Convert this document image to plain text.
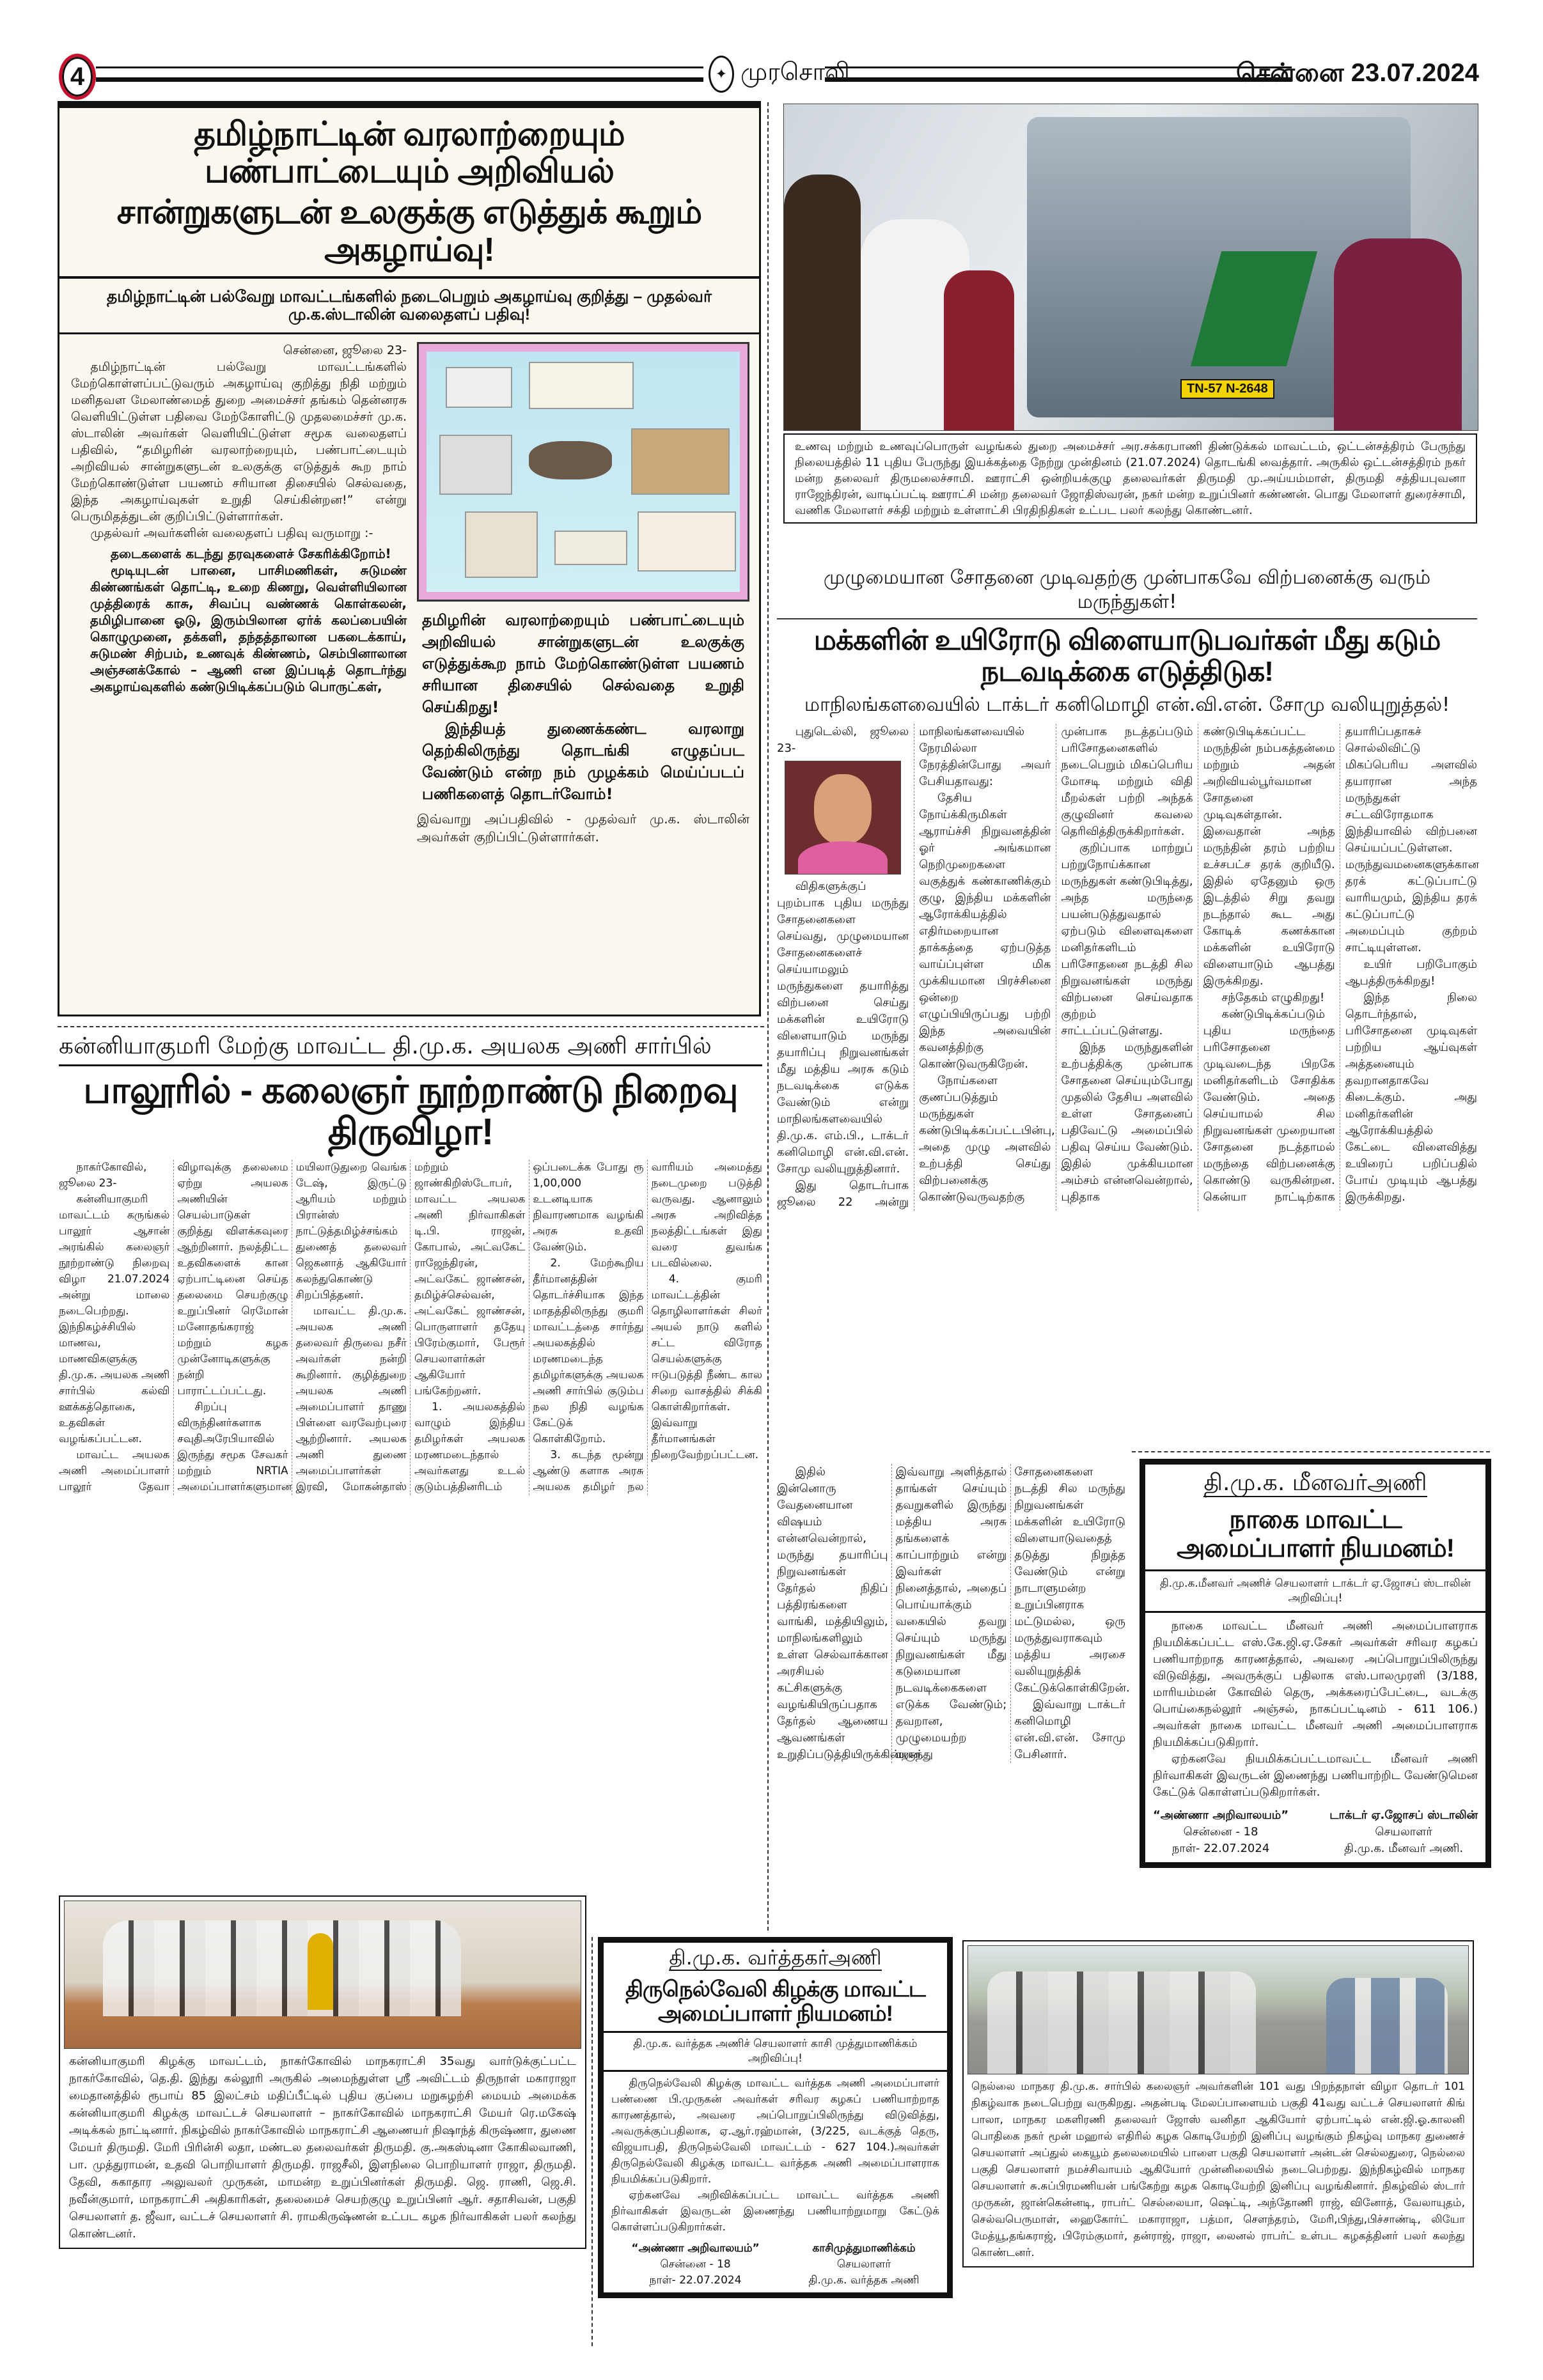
4	✦ முரசொலி	சென்னை 23.07.2024
தமிழ்நாட்டின் வரலாற்றையும் பண்பாட்டையும் அறிவியல்
சான்றுகளுடன் உலகுக்கு எடுத்துக் கூறும் அகழாய்வு!
தமிழ்நாட்டின் பல்வேறு மாவட்டங்களில் நடைபெறும் அகழாய்வு குறித்து – முதல்வர் மு.க.ஸ்டாலின் வலைதளப் பதிவு!
சென்னை, ஜூலை 23-

தமிழ்நாட்டின் பல்வேறு மாவட்டங்களில் மேற்கொள்ளப்பட்டுவரும் அகழாய்வு குறித்து நிதி மற்றும் மனிதவள மேலாண்மைத் துறை அமைச்சர் தங்கம் தென்னரசு வெளியிட்டுள்ள பதிவை மேற்கோளிட்டு முதலமைச்சர் மு.க. ஸ்டாலின் அவர்கள் வெளியிட்டுள்ள சமூக வலைதளப் பதிவில், “தமிழரின் வரலாற்றையும், பண்பாட்டையும் அறிவியல் சான்றுகளுடன் உலகுக்கு எடுத்துக் கூற நாம் மேற்கொண்டுள்ள பயணம் சரியான திசையில் செல்வதை, இந்த அகழாய்வுகள் உறுதி செய்கின்றன!” என்று பெருமிதத்துடன் குறிப்பிட்டுள்ளார்கள்.

முதல்வர் அவர்களின் வலைதளப் பதிவு வருமாறு :-

தடைகளைக் கடந்து தரவுகளைச் சேகரிக்கிறோம்!

மூடியுடன் பானை, பாசிமணிகள், சுடுமண் கிண்ணங்கள் தொட்டி, உறை கிணறு, வெள்ளியிலான முத்திரைக் காசு, சிவப்பு வண்ணக் கொள்கலன், தமிழிபானை ஓடு, இரும்பிலான ஏர்க் கலப்பையின் கொழுமுனை, தக்களி, தந்தத்தாலான பகடைக்காய், சுடுமண் சிற்பம், உணவுக் கிண்ணம், செம்பினாலான அஞ்சனக்கோல் – ஆணி என இப்படித் தொடர்ந்து அகழாய்வுகளில் கண்டுபிடிக்கப்படும் பொருட்கள்,

தமிழரின் வரலாற்றையும் பண்பாட்டையும் அறிவியல் சான்றுகளுடன் உலகுக்கு எடுத்துக்கூற நாம் மேற்கொண்டுள்ள பயணம் சரியான திசையில் செல்வதை உறுதி செய்கிறது!

இந்தியத் துணைக்கண்ட வரலாறு தெற்கிலிருந்து தொடங்கி எழுதப்பட வேண்டும் என்ற நம் முழக்கம் மெய்ப்படப் பணிகளைத் தொடர்வோம்!

இவ்வாறு அப்பதிவில் - முதல்வர் மு.க. ஸ்டாலின் அவர்கள் குறிப்பிட்டுள்ளார்கள்.
TN-57 N-2648
உணவு மற்றும் உணவுப்பொருள் வழங்கல் துறை அமைச்சர் அர.சக்கரபாணி திண்டுக்கல் மாவட்டம், ஒட்டன்சத்திரம் பேருந்து நிலையத்தில் 11 புதிய பேருந்து இயக்கத்தை நேற்று முன்தினம் (21.07.2024) தொடங்கி வைத்தார். அருகில் ஒட்டன்சத்திரம் நகர் மன்ற தலைவர் திருமலைச்சாமி. ஊராட்சி ஒன்றியக்குழு தலைவர்கள் திருமதி மு.அய்யம்மாள், திருமதி சத்தியபுவனா ராஜேந்திரன், வாடிப்பட்டி ஊராட்சி மன்ற தலைவர் ஜோதிஸ்வரன், நகர் மன்ற உறுப்பினர் கண்ணன். பொது மேலாளர் துரைச்சாமி, வணிக மேலாளர் சக்தி மற்றும் உள்ளாட்சி பிரதிநிதிகள் உட்பட பலர் கலந்து கொண்டனர்.
முழுமையான சோதனை முடிவதற்கு முன்பாகவே விற்பனைக்கு வரும் மருந்துகள்!
மக்களின் உயிரோடு விளையாடுபவர்கள் மீது கடும் நடவடிக்கை எடுத்திடுக!
மாநிலங்களவையில் டாக்டர் கனிமொழி என்.வி.என். சோமு வலியுறுத்தல்!
புதுடெல்லி, ஜூலை 23-

விதிகளுக்குப் புறம்பாக புதிய மருந்து சோதனைகளை செய்வது, முழுமையான சோதனைகளைச் செய்யாமலும் மருந்துகளை தயாரித்து விற்பனை செய்து மக்களின் உயிரோடு விளையாடும் மருந்து தயாரிப்பு நிறுவனங்கள் மீது மத்திய அரசு கடும் நடவடிக்கை எடுக்க வேண்டும் என்று மாநிலங்களவையில் தி.மு.க. எம்.பி., டாக்டர் கனிமொழி என்.வி.என். சோமு வலியுறுத்தினார்.

இது தொடர்பாக ஜூலை 22 அன்று மாநிலங்களவையில் நேரமில்லா நேரத்தின்போது அவர் பேசியதாவது:

தேசிய நோய்க்கிருமிகள் ஆராய்ச்சி நிறுவனத்தின் ஓர் அங்கமான நெறிமுறைகளை வகுத்துக் கண்காணிக்கும் குழு, இந்திய மக்களின் ஆரோக்கியத்தில் எதிர்மறையான தாக்கத்தை ஏற்படுத்த வாய்ப்புள்ள மிக முக்கியமான பிரச்சினை ஒன்றை எழுப்பியிருப்பது பற்றி இந்த அவையின் கவனத்திற்கு கொண்டுவருகிறேன்.

நோய்களை குணப்படுத்தும் மருந்துகள் கண்டுபிடிக்கப்பட்டபின்பு, அதை முழு அளவில் உற்பத்தி செய்து விற்பனைக்கு கொண்டுவருவதற்கு முன்பாக நடத்தப்படும் பரிசோதனைகளில் நடைபெறும் மிகப்பெரிய மோசடி மற்றும் விதி மீறல்கள் பற்றி அந்தக் குழுவினர் கவலை தெரிவித்திருக்கிறார்கள்.

குறிப்பாக மாற்றுப் பற்றுநோய்க்கான மருந்துகள் கண்டுபிடித்து, அந்த மருந்தை பயன்படுத்துவதால் ஏற்படும் விளைவுகளை மனிதர்களிடம் பரிசோதனை நடத்தி சில நிறுவனங்கள் மருந்து விற்பனை செய்வதாக குற்றம் சாட்டப்பட்டுள்ளது.

இந்த மருந்துகளின் உற்பத்திக்கு முன்பாக சோதனை செய்யும்போது முதலில் தேசிய அளவில் உள்ள சோதனைப் பதிவேட்டு அமைப்பில் பதிவு செய்ய வேண்டும். இதில் முக்கியமான அம்சம் என்னவென்றால், புதிதாக கண்டுபிடிக்கப்பட்ட மருந்தின் நம்பகத்தன்மை மற்றும் அதன் அறிவியல்பூர்வமான சோதனை முடிவுகள்தான். இவைதான் அந்த மருந்தின் தரம் பற்றிய உச்சபட்ச தரக் குறியீடு. இதில் ஏதேனும் ஒரு இடத்தில் சிறு தவறு நடந்தால் கூட அது கோடிக் கணக்கான மக்களின் உயிரோடு விளையாடும் ஆபத்து இருக்கிறது.

சந்தேகம் எழுகிறது!

கண்டுபிடிக்கப்படும் புதிய மருந்தை பரிசோதனை முடிவடைந்த பிறகே மனிதர்களிடம் சோதிக்க வேண்டும். அதை செய்யாமல் சில நிறுவனங்கள் முறையான சோதனை நடத்தாமல் மருந்தை விற்பனைக்கு கொண்டு வருகின்றன. கென்யா நாட்டிற்காக தயாரிப்பதாகச் சொல்லிவிட்டு மிகப்பெரிய அளவில் தயாரான அந்த மருந்துகள் சட்டவிரோதமாக இந்தியாவில் விற்பனை செய்யப்பட்டுள்ளன. மருந்துவமனைகளுக்கான தரக் கட்டுப்பாட்டு வாரியமும், இந்திய தரக் கட்டுப்பாட்டு அமைப்பும் குற்றம் சாட்டியுள்ளன.

உயிர் பறிபோகும் ஆபத்திருக்கிறது!

இந்த நிலை தொடர்ந்தால், பரிசோதனை முடிவுகள் பற்றிய ஆய்வுகள் அத்தனையும் தவறானதாகவே கிடைக்கும். அது மனிதர்களின் ஆரோக்கியத்தில் கேட்டை விளைவித்து உயிரைப் பறிப்பதில் போய் முடியும் ஆபத்து இருக்கிறது.

இதில் இன்னொரு வேதனையான விஷயம் என்னவென்றால், மருந்து தயாரிப்பு நிறுவனங்கள் தேர்தல் நிதிப் பத்திரங்களை வாங்கி, மத்தியிலும், மாநிலங்களிலும் உள்ள செல்வாக்கான அரசியல் கட்சிகளுக்கு வழங்கியிருப்பதாக தேர்தல் ஆணைய ஆவணங்கள் உறுதிப்படுத்தியிருக்கின்றன. இவ்வாறு அளித்தால் தாங்கள் செய்யும் தவறுகளில் இருந்து மத்திய அரசு தங்களைக் காப்பாற்றும் என்று இவர்கள் நினைத்தால், அதைப் பொய்யாக்கும் வகையில் தவறு செய்யும் மருந்து நிறுவனங்கள் மீது கடுமையான நடவடிக்கைகளை எடுக்க வேண்டும்; தவறான, முழுமையற்ற மருந்து சோதனைகளை நடத்தி சில மருந்து நிறுவனங்கள் மக்களின் உயிரோடு விளையாடுவதைத் தடுத்து நிறுத்த வேண்டும் என்று நாடாளுமன்ற உறுப்பினராக மட்டுமல்ல, ஒரு மருத்துவராகவும் மத்திய அரசை வலியுறுத்திக் கேட்டுக்கொள்கிறேன்.

இவ்வாறு டாக்டர் கனிமொழி என்.வி.என். சோமு பேசினார்.

தி.மு.க. மீனவர்அணி
நாகை மாவட்ட அமைப்பாளர் நியமனம்!
தி.மு.க.மீனவர் அணிச் செயலாளர் டாக்டர் ஏ.ஜோசப் ஸ்டாலின் அறிவிப்பு!

நாகை மாவட்ட மீனவர் அணி அமைப்பாளராக நியமிக்கப்பட்ட எஸ்.கே.ஜி.ஏ.சேகர் அவர்கள் சரிவர கழகப் பணியாற்றாத காரணத்தால், அவரை அப்பொறுப்பிலிருந்து விடுவித்து, அவருக்குப் பதிலாக எஸ்.பாலமுரளி (3/188, மாரியம்மன் கோவில் தெரு, அக்கரைப்பேட்டை, வடக்கு பொய்கைநல்லூர் அஞ்சல், நாகப்பட்டினம் - 611 106.) அவர்கள் நாகை மாவட்ட மீனவர் அணி அமைப்பாளராக நியமிக்கப்படுகிறார்.

ஏற்கனவே நியமிக்கப்பட்டமாவட்ட மீனவர் அணி நிர்வாகிகள் இவருடன் இணைந்து பணியாற்றிட வேண்டுமென கேட்டுக் கொள்ளப்படுகிறார்கள்.

“அண்ணா அறிவாலயம்”
சென்னை - 18
நாள்- 22.07.2024
டாக்டர் ஏ.ஜோசப் ஸ்டாலின்
செயலாளர்
தி.மு.க. மீனவர் அணி.
கன்னியாகுமரி மேற்கு மாவட்ட தி.மு.க. அயலக அணி சார்பில்
பாலூரில் - கலைஞர் நூற்றாண்டு நிறைவு திருவிழா!
நாகர்கோவில், ஜூலை 23-

கன்னியாகுமரி மாவட்டம் கருங்கல் பாலூர் ஆசான் அரங்கில் கலைஞர் நூற்றாண்டு நிறைவு விழா 21.07.2024 அன்று மாலை நடைபெற்றது. இந்நிகழ்ச்சியில் மாணவ, மாணவிகளுக்கு தி.மு.க. அயலக அணி சார்பில் கல்வி ஊக்கத்தொகை, உதவிகள் வழங்கப்பட்டன.

மாவட்ட அயலக அணி அமைப்பாளர் பாலூர் தேவா விழாவுக்கு தலைமை ஏற்று அயலக அணியின் செயல்பாடுகள் குறித்து விளக்கவுரை ஆற்றினார். நலத்திட்ட உதவிகளைக் கான ஏற்பாட்டினை செய்த தலைமை செயற்குழு உறுப்பினர் ரெமோன் மனோதங்கராஜ் மற்றும் கழக முன்னோடிகளுக்கு நன்றி பாராட்டப்பட்டது.

சிறப்பு விருந்தினர்களாக சவுதிஅரேபியாவில் இருந்து சமூக சேவகர் மற்றும் NRTIA அமைப்பாளர்களுமான மயிலாடுதுறை வெங்க டேஷ், இருட்டு ஆரியம் மற்றும் பிரான்ஸ் நாட்டுத்தமிழ்ச்சங்கம் துணைத் தலைவர் ஜெகனாத் ஆகியோர் கலந்துகொண்டு சிறப்பித்தனர்.

மாவட்ட தி.மு.க. அயலக அணி தலைவர் திருவை நசீர் அவர்கள் நன்றி கூறினார். குழித்துறை அயலக அணி அமைப்பாளர் தாணு பிள்ளை வரவேற்புரை ஆற்றினார். அயலக அணி துணை அமைப்பாளர்கள் இரவி, மோகன்தாஸ் மற்றும் ஜாண்கிறிஸ்டோபர், மாவட்ட அயலக அணி நிர்வாகிகள் டி.பி. ராஜன், கோபால், அட்வகேட் ராஜேந்திரன், அட்வகேட் ஜாண்சன், தமிழ்ச்செல்வன், அட்வகேட் ஜாண்சன், பொருளாளர் ததேயு பிரேம்குமார், பேரூர் செயலாளர்கள் ஆகியோர் பங்கேற்றனர்.

1. அயலகத்தில் வாழும் இந்திய தமிழர்கள் அயலக மரணமடைந்தால் அவர்களது உடல் குடும்பத்தினரிடம் ஒப்படைக்க போது ரூ 1,00,000 உடனடியாக நிவாரணமாக வழங்கி அரசு உதவி வேண்டும்.

2. மேற்கூறிய தீர்மானத்தின் தொடர்ச்சியாக இந்த மாதத்திலிருந்து குமரி மாவட்டத்தை சார்ந்து அயலகத்தில் மரணமடைந்த தமிழர்களுக்கு அயலக அணி சார்பில் குடும்ப நல நிதி வழங்க கேட்டுக் கொள்கிறோம்.

3. கடந்த மூன்று ஆண்டு களாக அரசு அயலக தமிழர் நல வாரியம் அமைத்து நடைமுறை படுத்தி வருவது. ஆனாலும் அரசு அறிவித்த நலத்திட்டங்கள் இது வரை துவங்க படவில்லை.

4. குமரி மாவட்டத்தின் தொழிலாளர்கள் சிலர் அயல் நாடு களில் சட்ட விரோத செயல்களுக்கு ஈடுபடுத்தி நீண்ட கால சிறை வாசத்தில் சிக்கி கொள்கிறார்கள். இவ்வாறு தீர்மானங்கள் நிறைவேற்றப்பட்டன.

கன்னியாகுமரி கிழக்கு மாவட்டம், நாகர்கோவில் மாநகராட்சி 35வது வார்டுக்குட்பட்ட நாகர்கோவில், தெ.தி. இந்து கல்லூரி அருகில் அமைந்துள்ள ஸ்ரீ அவிட்டம் திருநாள் மகாராஜா மைதானத்தில் ரூபாய் 85 இலட்சம் மதிப்பீட்டில் புதிய குப்பை மறுசுழற்சி மையம் அமைக்க கன்னியாகுமரி கிழக்கு மாவட்டச் செயலாளர் – நாகர்கோவில் மாநகராட்சி மேயர் ரெ.மகேஷ் அடிக்கல் நாட்டினார். நிகழ்வில் நாகர்கோவில் மாநகராட்சி ஆணையர் நிஷாந்த் கிருஷ்ணா, துணை மேயர் திருமதி. மேரி பிரின்சி லதா, மண்டல தலைவர்கள் திருமதி. கு.அகஸ்டினா கோகிலவாணி, பா. முத்துராமன், உதவி பொறியாளர் திருமதி. ராஜசீலி, இளநிலை பொறியாளர் ராஜா, திருமதி. தேவி, சுகாதார அலுவலர் முருகன், மாமன்ற உறுப்பினர்கள் திருமதி. ஜெ. ராணி, ஜெ.சி. நவீன்குமார், மாநகராட்சி அதிகாரிகள், தலைமைச் செயற்குழு உறுப்பினர் ஆர். சதாசிவன், பகுதி செயலாளர் த. ஜீவா, வட்டச் செயலாளர் சி. ராமகிருஷ்ணன் உட்பட கழக நிர்வாகிகள் பலர் கலந்து கொண்டனர்.
தி.மு.க. வர்த்தகர்அணி
திருநெல்வேலி கிழக்கு மாவட்ட அமைப்பாளர் நியமனம்!
தி.மு.க. வர்த்தக அணிச் செயலாளர் காசி முத்துமாணிக்கம் அறிவிப்பு!

திருநெல்வேலி கிழக்கு மாவட்ட வர்த்தக அணி அமைப்பாளர் பண்ணை பி.முருகன் அவர்கள் சரிவர கழகப் பணியாற்றாத காரணத்தால், அவரை அப்பொறுப்பிலிருந்து விடுவித்து, அவருக்குப்பதிலாக, ஏ.ஆர்.ரஹ்மான், (3/225, வடக்குத் தெரு, விஜயாபதி, திருநெல்வேலி மாவட்டம் - 627 104.)அவர்கள் திருநெல்வேலி கிழக்கு மாவட்ட வர்த்தக அணி அமைப்பாளராக நியமிக்கப்படுகிறார்.

ஏற்கனவே அறிவிக்கப்பட்ட மாவட்ட வர்த்தக அணி நிர்வாகிகள் இவருடன் இணைந்து பணியாற்றுமாறு கேட்டுக் கொள்ளப்படுகிறார்கள்.

“அண்ணா அறிவாலயம்”
சென்னை - 18
நாள்- 22.07.2024
காசிமுத்துமாணிக்கம்
செயலாளர்
தி.மு.க. வர்த்தக அணி
நெல்லை மாநகர தி.மு.க. சார்பில் கலைஞர் அவர்களின் 101 வது பிறந்தநாள் விழா தொடர் 101 நிகழ்வாக நடைபெற்று வருகிறது. அதன்படி மேலப்பாளையம் பகுதி 41வது வட்டச் செயலாளர் கிங் பாலா, மாநகர மகளிரணி தலைவர் ஜோஸ் வனிதா ஆகியோர் ஏற்பாட்டில் என்.ஜி.ஓ.காலனி பொதிகை நகர் மூன் மஹால் எதிரில் கழக கொடியேற்றி இனிப்பு வழங்கும் நிகழ்வு மாநகர துணைச் செயலாளர் அப்துல் கையூம் தலைமையில் பாளை பகுதி செயலாளர் அன்டன் செல்லதுரை, நெல்லை பகுதி செயலாளர் நமச்சிவாயம் ஆகியோர் முன்னிலையில் நடைபெற்றது. இந்நிகழ்வில் மாநகர செயலாளர் சு.சுப்பிரமணியன் பங்கேற்று கழக கொடியேற்றி இனிப்பு வழங்கினார். நிகழ்வில் ஸ்டார் முருகன், ஜான்கென்னடி, ராபர்ட் செல்லையா, ஷெட்டி, அந்தோணி ராஜ், வினோத், வேலாயுதம், செல்வபெருமாள், ஹைகோர்ட் மகாராஜா, பத்மா, சௌந்தரம், மேரி,பிந்து,பிச்சாண்டி, லியோ மேத்யூ,தங்கராஜ், பிரேம்குமார், தன்ராஜ், ராஜா, லைனல் ராபர்ட் உள்பட கழகத்தினர் பலர் கலந்து கொண்டனர்.
